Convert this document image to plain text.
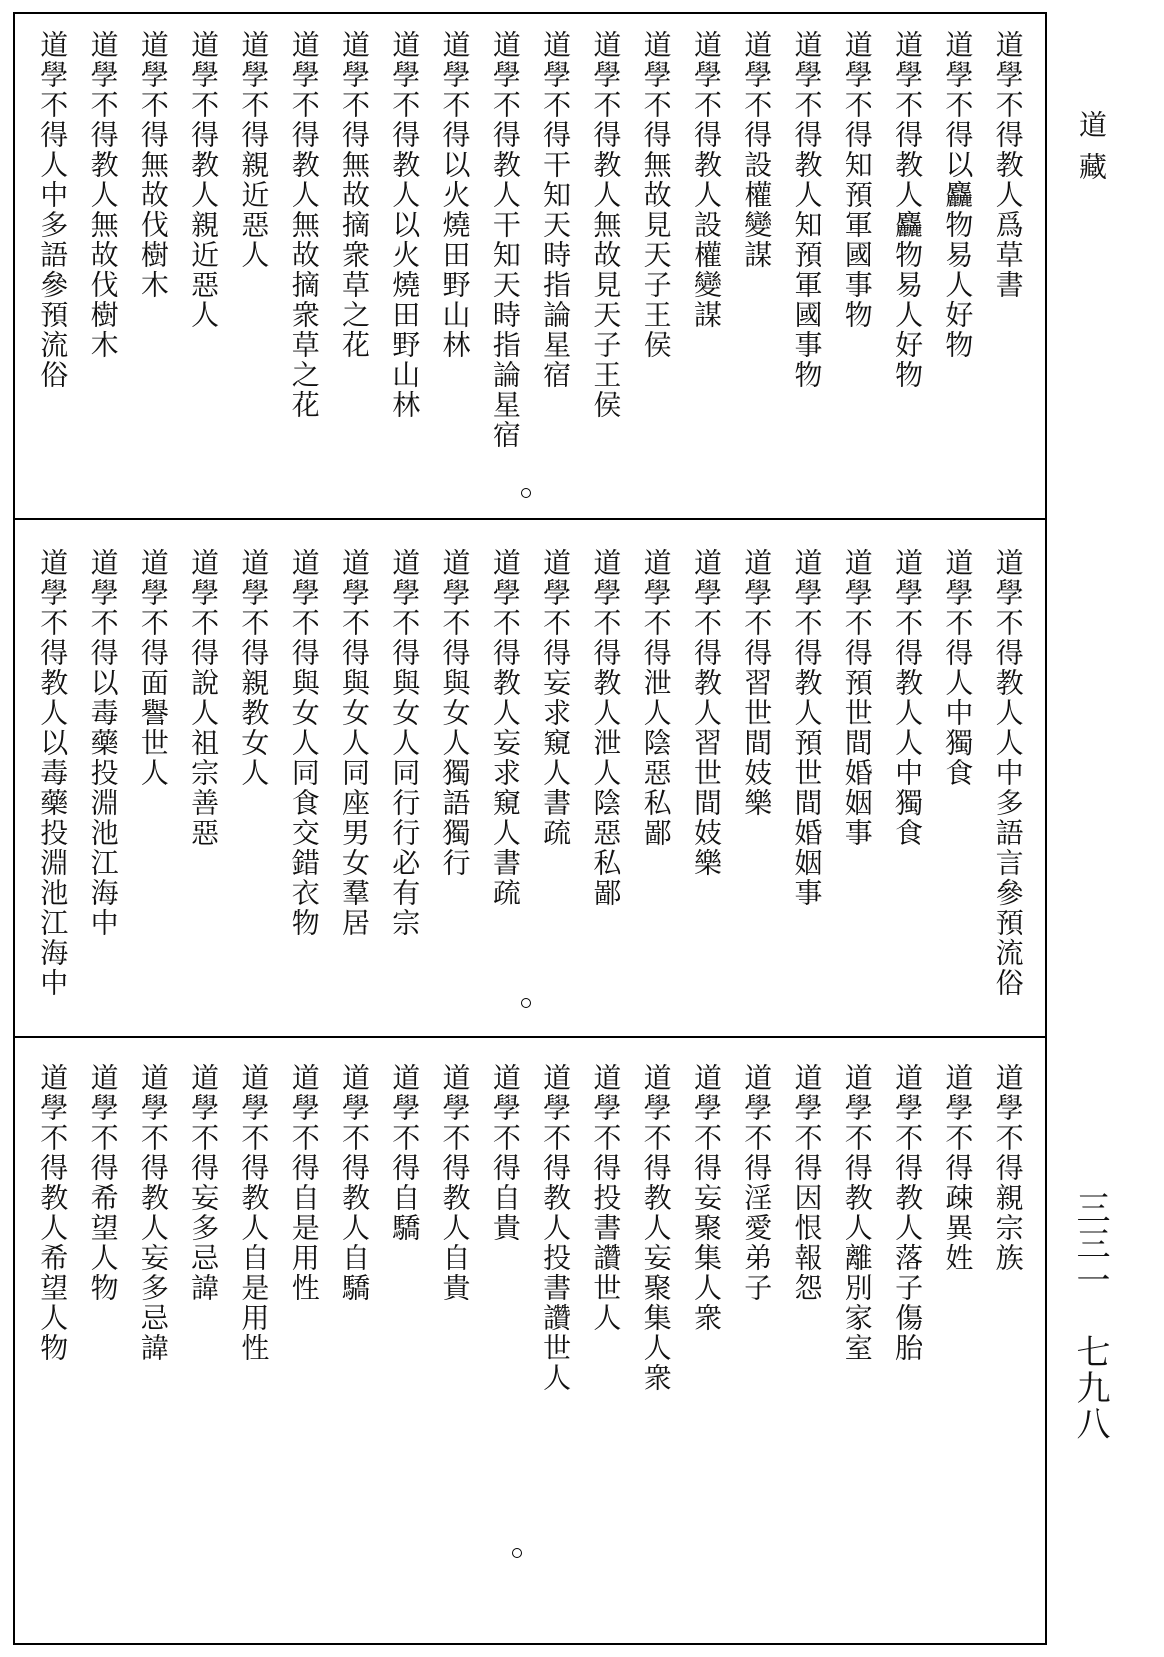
道學不得教人爲草書
道學不得以麤物易人好物
道學不得教人麤物易人好物
道學不得知預軍國事物
道學不得教人知預軍國事物
道學不得設權變謀
道學不得教人設權變謀
道學不得無故見天子王侯
道學不得教人無故見天子王侯
道學不得干知天時指論星宿
道學不得教人干知天時指論星宿
道學不得以火燒田野山林
道學不得教人以火燒田野山林
道學不得無故摘衆草之花
道學不得教人無故摘衆草之花
道學不得親近惡人
道學不得教人親近惡人
道學不得無故伐樹木
道學不得教人無故伐樹木
道學不得人中多語參預流俗
道學不得教人人中多語言參預流俗
道學不得人中獨食
道學不得教人人中獨食
道學不得預世間婚姻事
道學不得教人預世間婚姻事
道學不得習世間妓樂
道學不得教人習世間妓樂
道學不得泄人陰惡私鄙
道學不得教人泄人陰惡私鄙
道學不得妄求窺人書疏
道學不得教人妄求窺人書疏
道學不得與女人獨語獨行
道學不得與女人同行行必有宗
道學不得與女人同座男女羣居
道學不得與女人同食交錯衣物
道學不得親教女人
道學不得說人祖宗善惡
道學不得面譽世人
道學不得以毒藥投淵池江海中
道學不得教人以毒藥投淵池江海中
道學不得親宗族
道學不得疎異姓
道學不得教人落子傷胎
道學不得教人離別家室
道學不得因恨報怨
道學不得淫愛弟子
道學不得妄聚集人衆
道學不得教人妄聚集人衆
道學不得投書讚世人
道學不得教人投書讚世人
道學不得自貴
道學不得教人自貴
道學不得自驕
道學不得教人自驕
道學不得自是用性
道學不得教人自是用性
道學不得妄多忌諱
道學不得教人妄多忌諱
道學不得希望人物
道學不得教人希望人物
道藏
三三一　七九八
